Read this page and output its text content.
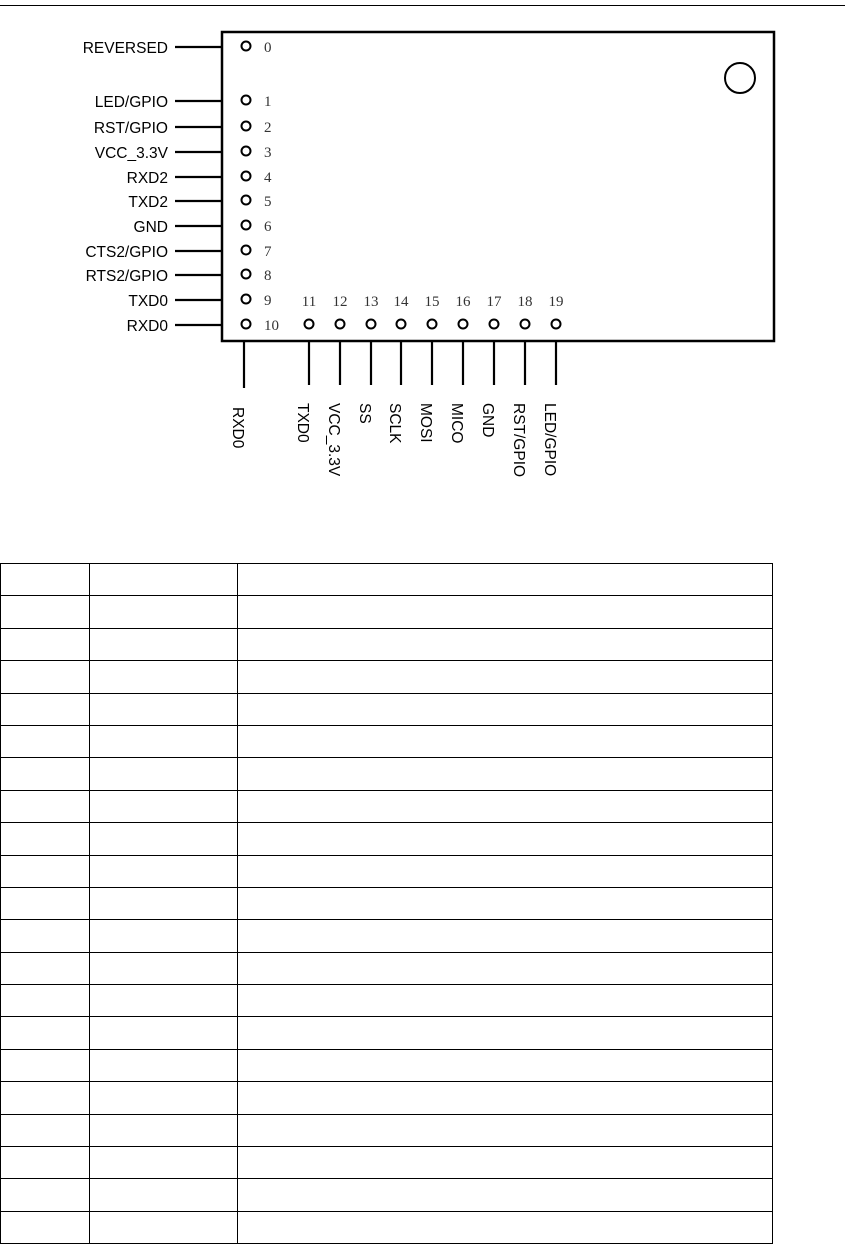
0
REVERSED
1
LED/GPIO
2
RST/GPIO
3
VCC_3.3V
4
RXD2
5
TXD2
6
GND
7
CTS2/GPIO
8
RTS2/GPIO
9
TXD0
10
RXD0
RXD0
11
TXD0
12
VCC_3.3V
13
SS
14
SCLK
15
MOSI
16
MICO
17
GND
18
RST/GPIO
19
LED/GPIO
